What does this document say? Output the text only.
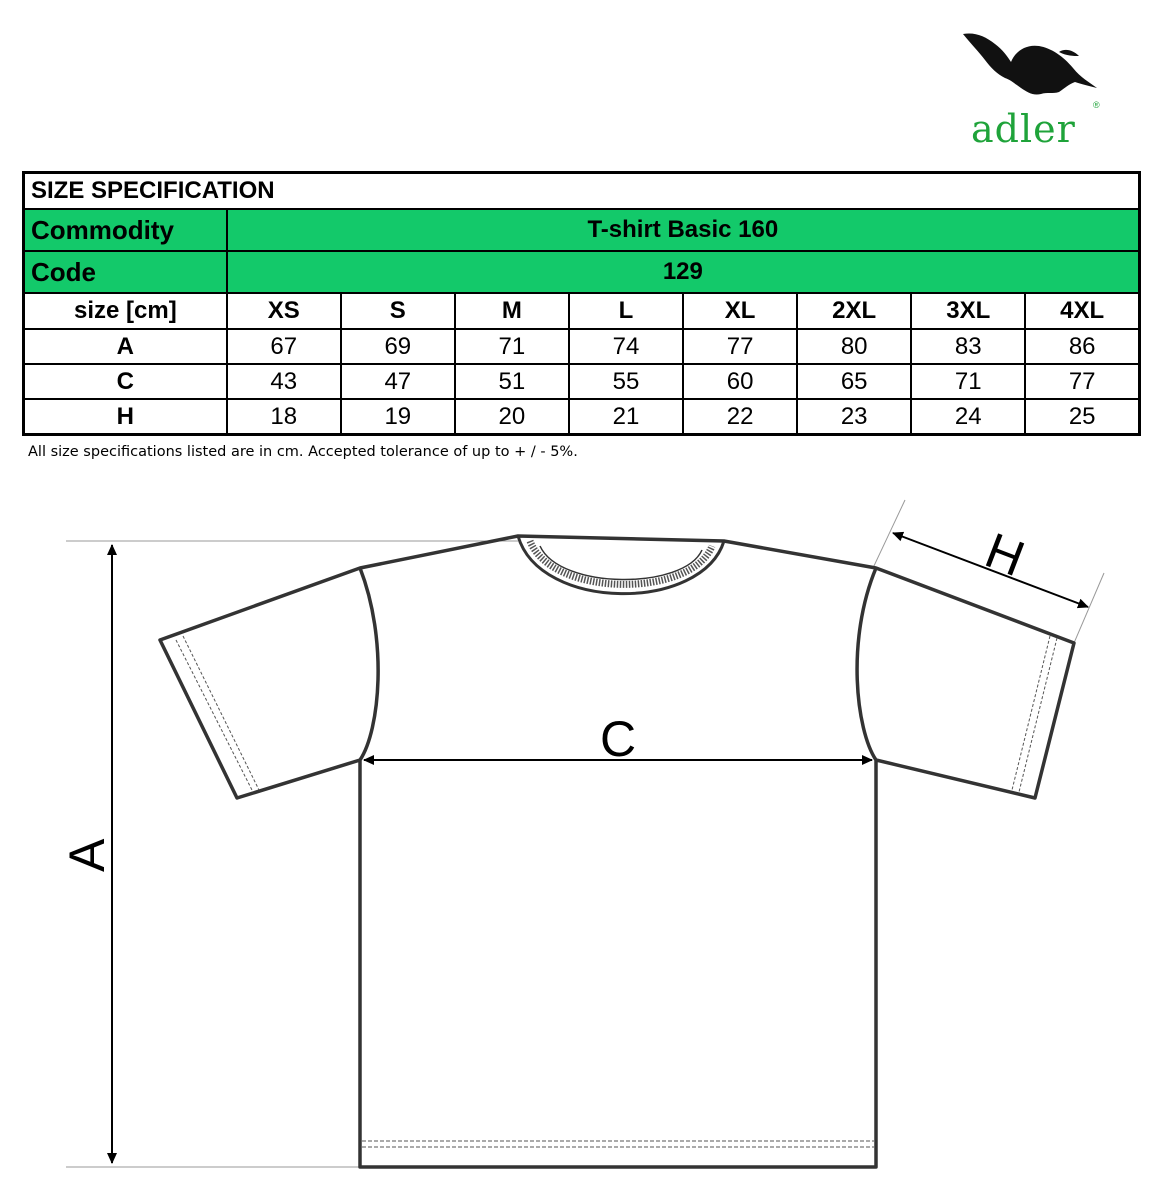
adler
®
SIZE SPECIFICATION								
Commodity	T-shirt Basic 160							
Code	129							
size [cm]	XS	S	M	L	XL	2XL	3XL	4XL
A	67	69	71	74	77	80	83	86
C	43	47	51	55	60	65	71	77
H	18	19	20	21	22	23	24	25
All size specifications listed are in cm. Accepted tolerance of up to + / - 5%.
A
C
H
